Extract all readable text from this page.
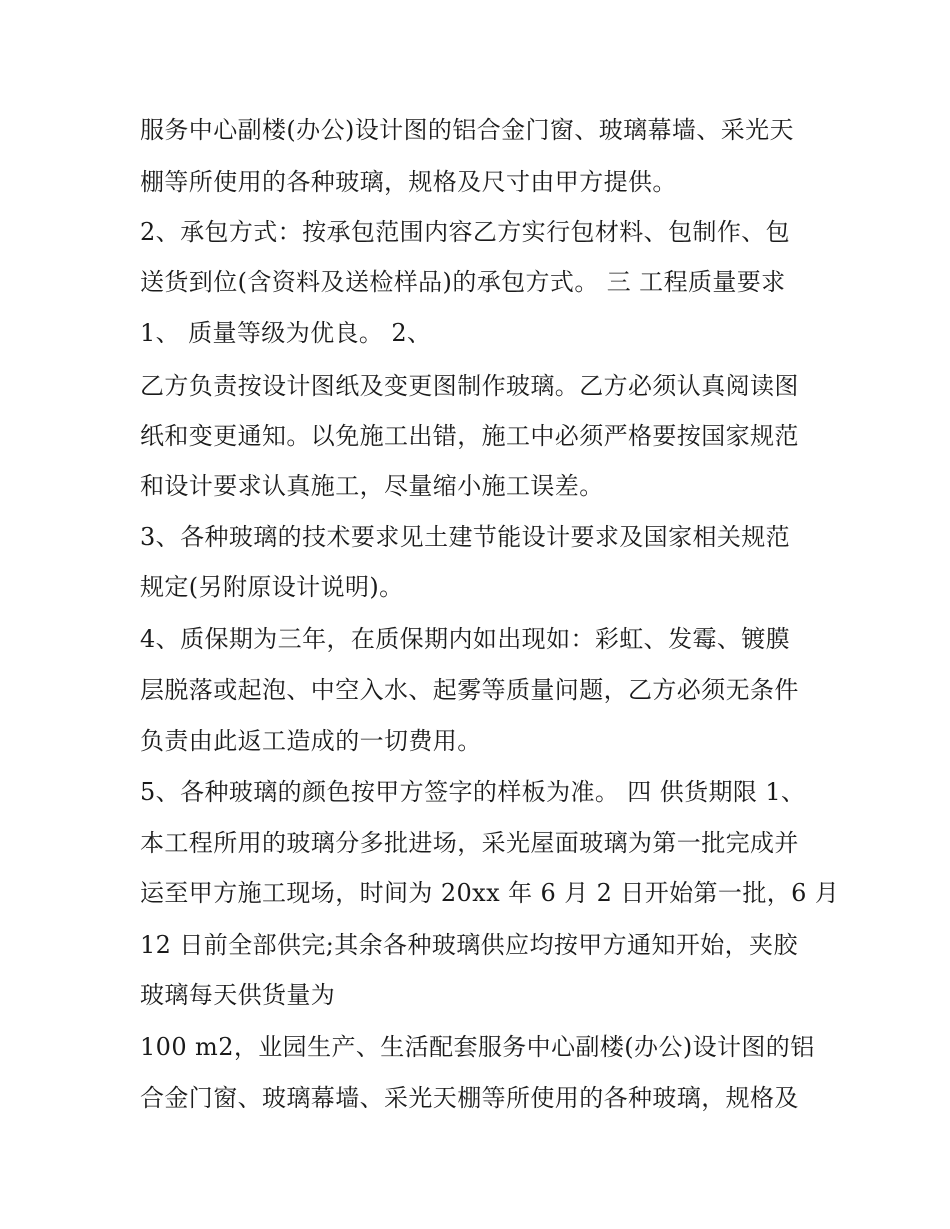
服务中心副楼(办公)设计图的铝合金门窗、玻璃幕墙、采光天
棚等所使用的各种玻璃，规格及尺寸由甲方提供。
2、承包方式：按承包范围内容乙方实行包材料、包制作、包
送货到位(含资料及送检样品)的承包方式。 三 工程质量要求
1、 质量等级为优良。 2、
乙方负责按设计图纸及变更图制作玻璃。乙方必须认真阅读图
纸和变更通知。以免施工出错，施工中必须严格要按国家规范
和设计要求认真施工，尽量缩小施工误差。
3、各种玻璃的技术要求见土建节能设计要求及国家相关规范
规定(另附原设计说明)。
4、质保期为三年，在质保期内如出现如：彩虹、发霉、镀膜
层脱落或起泡、中空入水、起雾等质量问题，乙方必须无条件
负责由此返工造成的一切费用。
5、各种玻璃的颜色按甲方签字的样板为准。 四 供货期限 1、
本工程所用的玻璃分多批进场，采光屋面玻璃为第一批完成并
运至甲方施工现场，时间为 20xx 年 6 月 2 日开始第一批，6 月
12 日前全部供完;其余各种玻璃供应均按甲方通知开始，夹胶
玻璃每天供货量为
100 m2，业园生产、生活配套服务中心副楼(办公)设计图的铝
合金门窗、玻璃幕墙、采光天棚等所使用的各种玻璃，规格及
